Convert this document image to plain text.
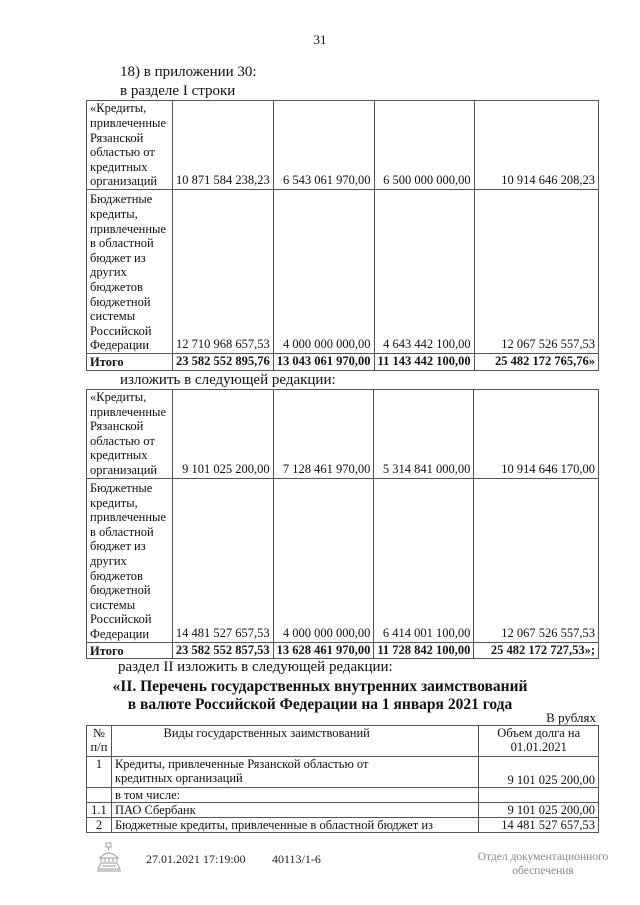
31
18) в приложении 30:
в разделе I строки
«Кредиты, привлеченные Рязанской областью от кредитных организаций	10 871 584 238,23	6 543 061 970,00	6 500 000 000,00	10 914 646 208,23
Бюджетные кредиты, привлеченные в областной бюджет из других бюджетов бюджетной системы Российской Федерации	12 710 968 657,53	4 000 000 000,00	4 643 442 100,00	12 067 526 557,53
Итого	23 582 552 895,76	13 043 061 970,00	11 143 442 100,00	25 482 172 765,76»
изложить в следующей редакции:
«Кредиты, привлеченные Рязанской областью от кредитных организаций	9 101 025 200,00	7 128 461 970,00	5 314 841 000,00	10 914 646 170,00
Бюджетные кредиты, привлеченные в областной бюджет из других бюджетов бюджетной системы Российской Федерации	14 481 527 657,53	4 000 000 000,00	6 414 001 100,00	12 067 526 557,53
Итого	23 582 552 857,53	13 628 461 970,00	11 728 842 100,00	25 482 172 727,53»;
раздел II изложить в следующей редакции:
«II. Перечень государственных внутренних заимствований
в валюте Российской Федерации на 1 января 2021 года
В рублях
№ п/п	Виды государственных заимствований	Объем долга на 01.01.2021
1	Кредиты, привлеченные Рязанской областью от кредитных организаций	9 101 025 200,00
	в том числе:	
1.1	ПАО Сбербанк	9 101 025 200,00
2	Бюджетные кредиты, привлеченные в областной бюджет из	14 481 527 657,53
27.01.2021 17:19:00 40113/1-6	Отдел документационного обеспечения
